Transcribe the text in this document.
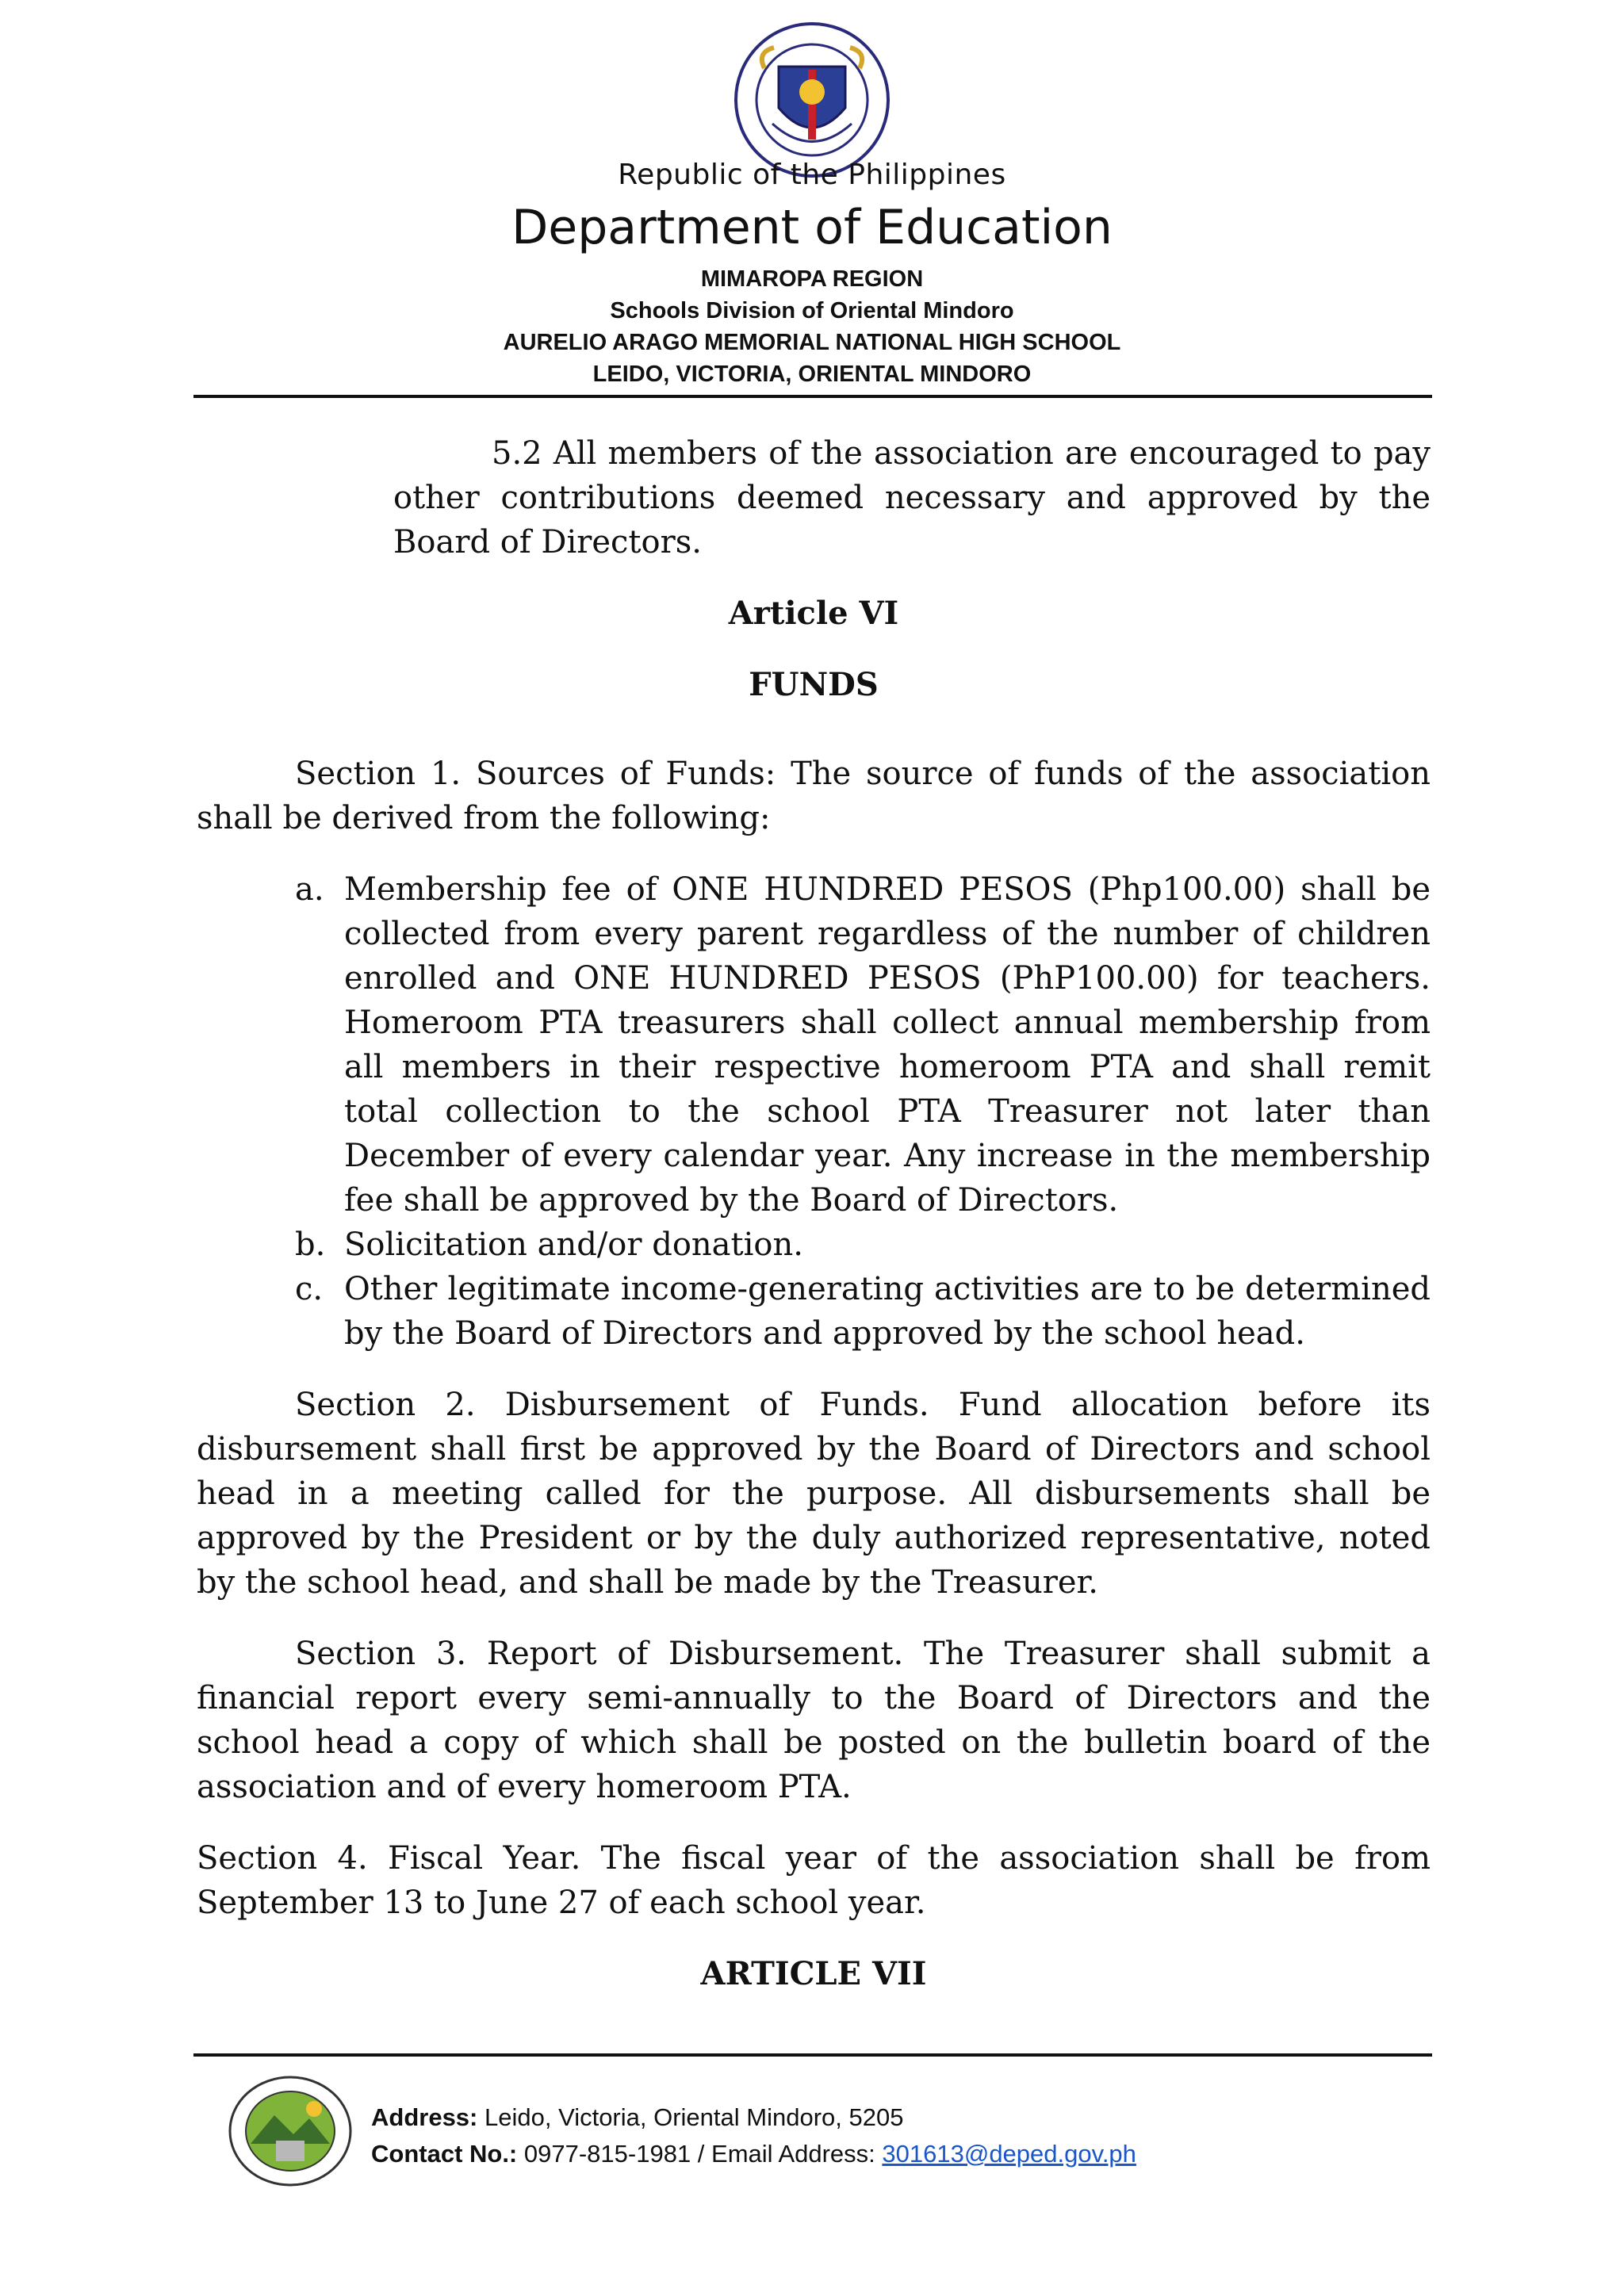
Republic of the Philippines
Department of Education
MIMAROPA REGION
Schools Division of Oriental Mindoro
AURELIO ARAGO MEMORIAL NATIONAL HIGH SCHOOL
LEIDO, VICTORIA, ORIENTAL MINDORO

5.2 All members of the association are encouraged to pay other contributions deemed necessary and approved by the Board of Directors.

Article VI

FUNDS

Section 1. Sources of Funds: The source of funds of the association shall be derived from the following:

a. Membership fee of ONE HUNDRED PESOS (Php100.00) shall be collected from every parent regardless of the number of children enrolled and ONE HUNDRED PESOS (PhP100.00) for teachers. Homeroom PTA treasurers shall collect annual membership from all members in their respective homeroom PTA and shall remit total collection to the school PTA Treasurer not later than December of every calendar year. Any increase in the membership fee shall be approved by the Board of Directors.
b. Solicitation and/or donation.
c. Other legitimate income-generating activities are to be determined by the Board of Directors and approved by the school head.

Section 2. Disbursement of Funds. Fund allocation before its disbursement shall first be approved by the Board of Directors and school head in a meeting called for the purpose. All disbursements shall be approved by the President or by the duly authorized representative, noted by the school head, and shall be made by the Treasurer.

Section 3. Report of Disbursement. The Treasurer shall submit a financial report every semi-annually to the Board of Directors and the school head a copy of which shall be posted on the bulletin board of the association and of every homeroom PTA.

Section 4. Fiscal Year. The fiscal year of the association shall be from September 13 to June 27 of each school year.

ARTICLE VII

Address: Leido, Victoria, Oriental Mindoro, 5205
Contact No.: 0977-815-1981 / Email Address: 301613@deped.gov.ph
